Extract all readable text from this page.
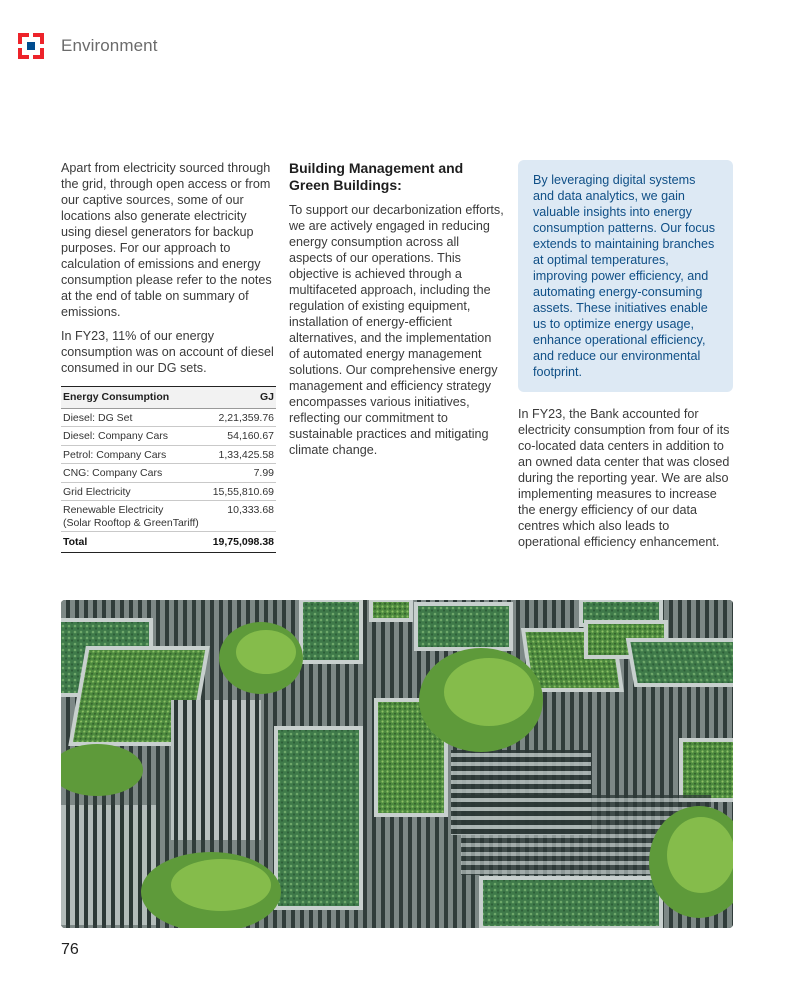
Environment

Apart from electricity sourced through the grid, through open access or from our captive sources, some of our locations also generate electricity using diesel generators for backup purposes. For our approach to calculation of emissions and energy consumption please refer to the notes at the end of table on summary of emissions.

In FY23, 11% of our energy consumption was on account of diesel consumed in our DG sets.

Energy Consumption	GJ
Diesel: DG Set	2,21,359.76
Diesel: Company Cars	54,160.67
Petrol: Company Cars	1,33,425.58
CNG: Company Cars	7.99
Grid Electricity	15,55,810.69
Renewable Electricity
(Solar Rooftop & GreenTariff)	10,333.68
Total	19,75,098.38
Building Management and Green Buildings:

To support our decarbonization efforts, we are actively engaged in reducing energy consumption across all aspects of our operations. This objective is achieved through a multifaceted approach, including the regulation of existing equipment, installation of energy-efficient alternatives, and the implementation of automated energy management solutions. Our comprehensive energy management and efficiency strategy encompasses various initiatives, reflecting our commitment to sustainable practices and mitigating climate change.

By leveraging digital systems and data analytics, we gain valuable insights into energy consumption patterns. Our focus extends to maintaining branches at optimal temperatures, improving power efficiency, and automating energy-consuming assets. These initiatives enable us to optimize energy usage, enhance operational efficiency, and reduce our environmental footprint.

In FY23, the Bank accounted for electricity consumption from four of its co-located data centers in addition to an owned data center that was closed during the reporting year. We are also implementing measures to increase the energy efficiency of our data centres which also leads to operational efficiency enhancement.

76
